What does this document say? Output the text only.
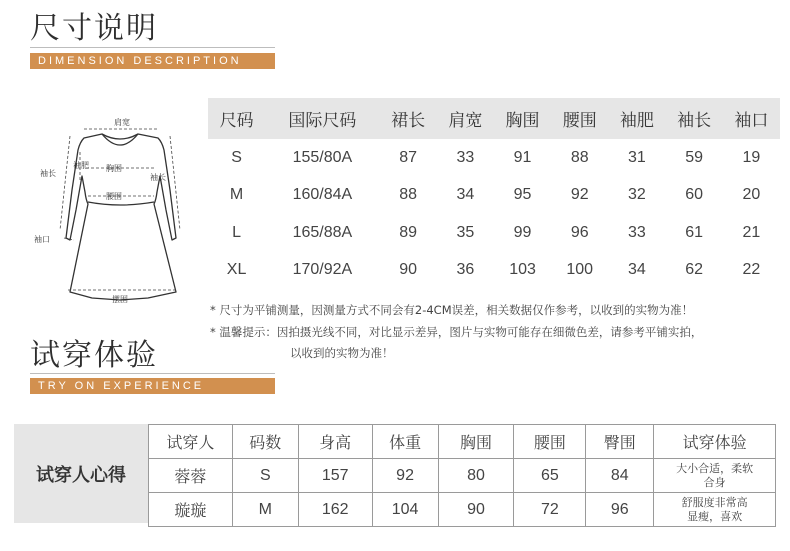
尺寸说明
DIMENSION DESCRIPTION
肩宽
胸围
腰围
摆围
袖长	袖长
袖肥
袖口
尺码	国际尺码	裙长	肩宽	胸围	腰围	袖肥	袖长	袖口
S	155/80A	87	33	91	88	31	59	19
M	160/84A	88	34	95	92	32	60	20
L	165/88A	89	35	99	96	33	61	21
XL	170/92A	90	36	103	100	34	62	22
* 尺寸为平铺测量，因测量方式不同会有2-4CM误差，相关数据仅作参考，以收到的实物为准！
* 温馨提示：因拍摄光线不同，对比显示差异，图片与实物可能存在细微色差，请参考平铺实拍，
以收到的实物为准！
试穿体验
TRY ON EXPERIENCE
试穿人心得
试穿人	码数	身高	体重	胸围	腰围	臀围	试穿体验
蓉蓉	S	157	92	80	65	84	大小合适，柔软
合身
璇璇	M	162	104	90	72	96	舒服度非常高
显瘦，喜欢
